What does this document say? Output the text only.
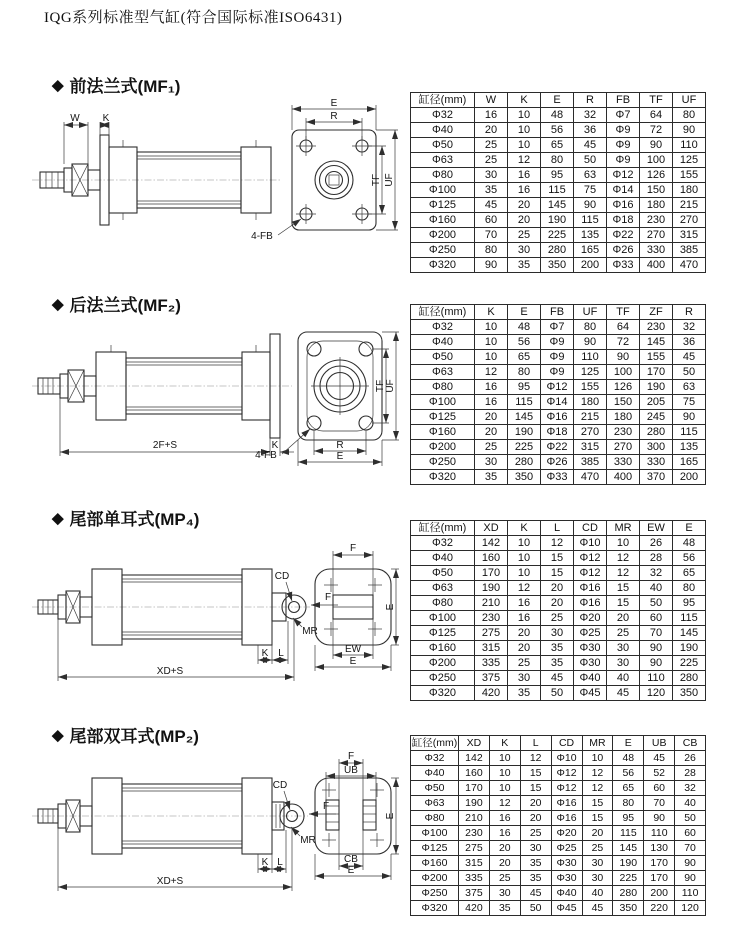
IQG系列标准型气缸(符合国际标准ISO6431)
◆ 前法兰式(MF₁)
W K
E
R
TF UF
4-FB
缸径(mm)	W	K	E	R	FB	TF	UF
Φ32	16	10	48	32	Φ7	64	80
Φ40	20	10	56	36	Φ9	72	90
Φ50	25	10	65	45	Φ9	90	110
Φ63	25	12	80	50	Φ9	100	125
Φ80	30	16	95	63	Φ12	126	155
Φ100	35	16	115	75	Φ14	150	180
Φ125	45	20	145	90	Φ16	180	215
Φ160	60	20	190	115	Φ18	230	270
Φ200	70	25	225	135	Φ22	270	315
Φ250	80	30	280	165	Φ26	330	385
Φ320	90	35	350	200	Φ33	400	470
◆ 后法兰式(MF₂)
2F+S	K
TF UF
R
E
4-FB
缸径(mm)	K	E	FB	UF	TF	ZF	R
Φ32	10	48	Φ7	80	64	230	32
Φ40	10	56	Φ9	90	72	145	36
Φ50	10	65	Φ9	110	90	155	45
Φ63	12	80	Φ9	125	100	170	50
Φ80	16	95	Φ12	155	126	190	63
Φ100	16	115	Φ14	180	150	205	75
Φ125	20	145	Φ16	215	180	245	90
Φ160	20	190	Φ18	270	230	280	115
Φ200	25	225	Φ22	315	270	300	135
Φ250	30	280	Φ26	385	330	330	165
Φ320	35	350	Φ33	470	400	370	200
◆ 尾部单耳式(MP₄)
CD
F
MR
K L
XD+S
F
E
EW
E
缸径(mm)	XD	K	L	CD	MR	EW	E
Φ32	142	10	12	Φ10	10	26	48
Φ40	160	10	15	Φ12	12	28	56
Φ50	170	10	15	Φ12	12	32	65
Φ63	190	12	20	Φ16	15	40	80
Φ80	210	16	20	Φ16	15	50	95
Φ100	230	16	25	Φ20	20	60	115
Φ125	275	20	30	Φ25	25	70	145
Φ160	315	20	35	Φ30	30	90	190
Φ200	335	25	35	Φ30	30	90	225
Φ250	375	30	45	Φ40	40	110	280
Φ320	420	35	50	Φ45	45	120	350
◆ 尾部双耳式(MP₂)
CD
F
MR
K L
XD+S
F
UB
E
CB
E
缸径(mm)	XD	K	L	CD	MR	E	UB	CB
Φ32	142	10	12	Φ10	10	48	45	26
Φ40	160	10	15	Φ12	12	56	52	28
Φ50	170	10	15	Φ12	12	65	60	32
Φ63	190	12	20	Φ16	15	80	70	40
Φ80	210	16	20	Φ16	15	95	90	50
Φ100	230	16	25	Φ20	20	115	110	60
Φ125	275	20	30	Φ25	25	145	130	70
Φ160	315	20	35	Φ30	30	190	170	90
Φ200	335	25	35	Φ30	30	225	170	90
Φ250	375	30	45	Φ40	40	280	200	110
Φ320	420	35	50	Φ45	45	350	220	120
